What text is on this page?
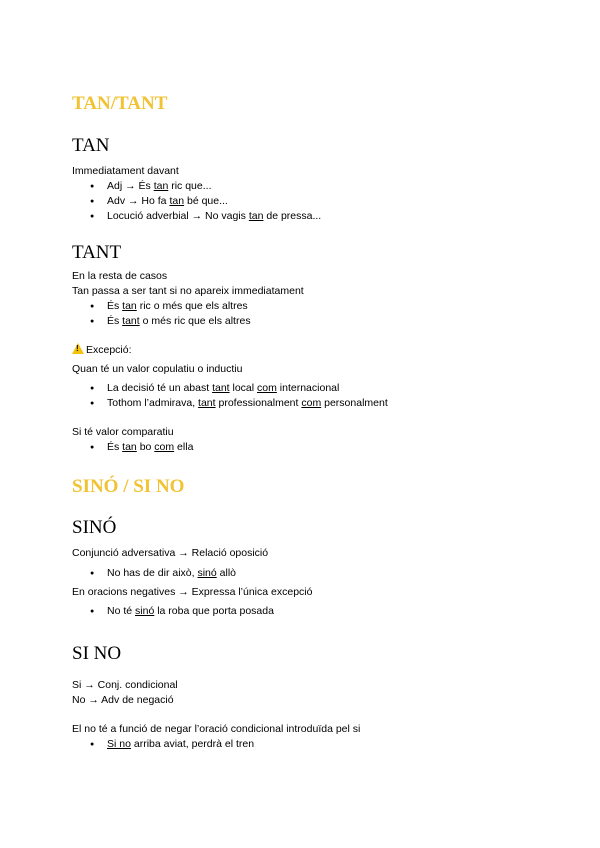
TAN/TANT
TAN

Immediatament davant

● Adj → És tan ric que...
● Adv → Ho fa tan bé que...
● Locució adverbial → No vagis tan de pressa...
TANT

En la resta de casos

Tan passa a ser tant si no apareix immediatament

● És tan ric o més que els altres
● És tant o més ric que els altres

!Excepció:

Quan té un valor copulatiu o inductiu

● La decisió té un abast tant local com internacional
● Tothom l’admirava, tant professionalment com personalment

Si té valor comparatiu

● És tan bo com ella
SINÓ / SI NO
SINÓ

Conjunció adversativa → Relació oposició

● No has de dir això, sinó allò

En oracions negatives → Expressa l’única excepció

● No té sinó la roba que porta posada
SI NO

Si → Conj. condicional

No → Adv de negació

El no té a funció de negar l’oració condicional introduïda pel si

● Si no arriba aviat, perdrà el tren
